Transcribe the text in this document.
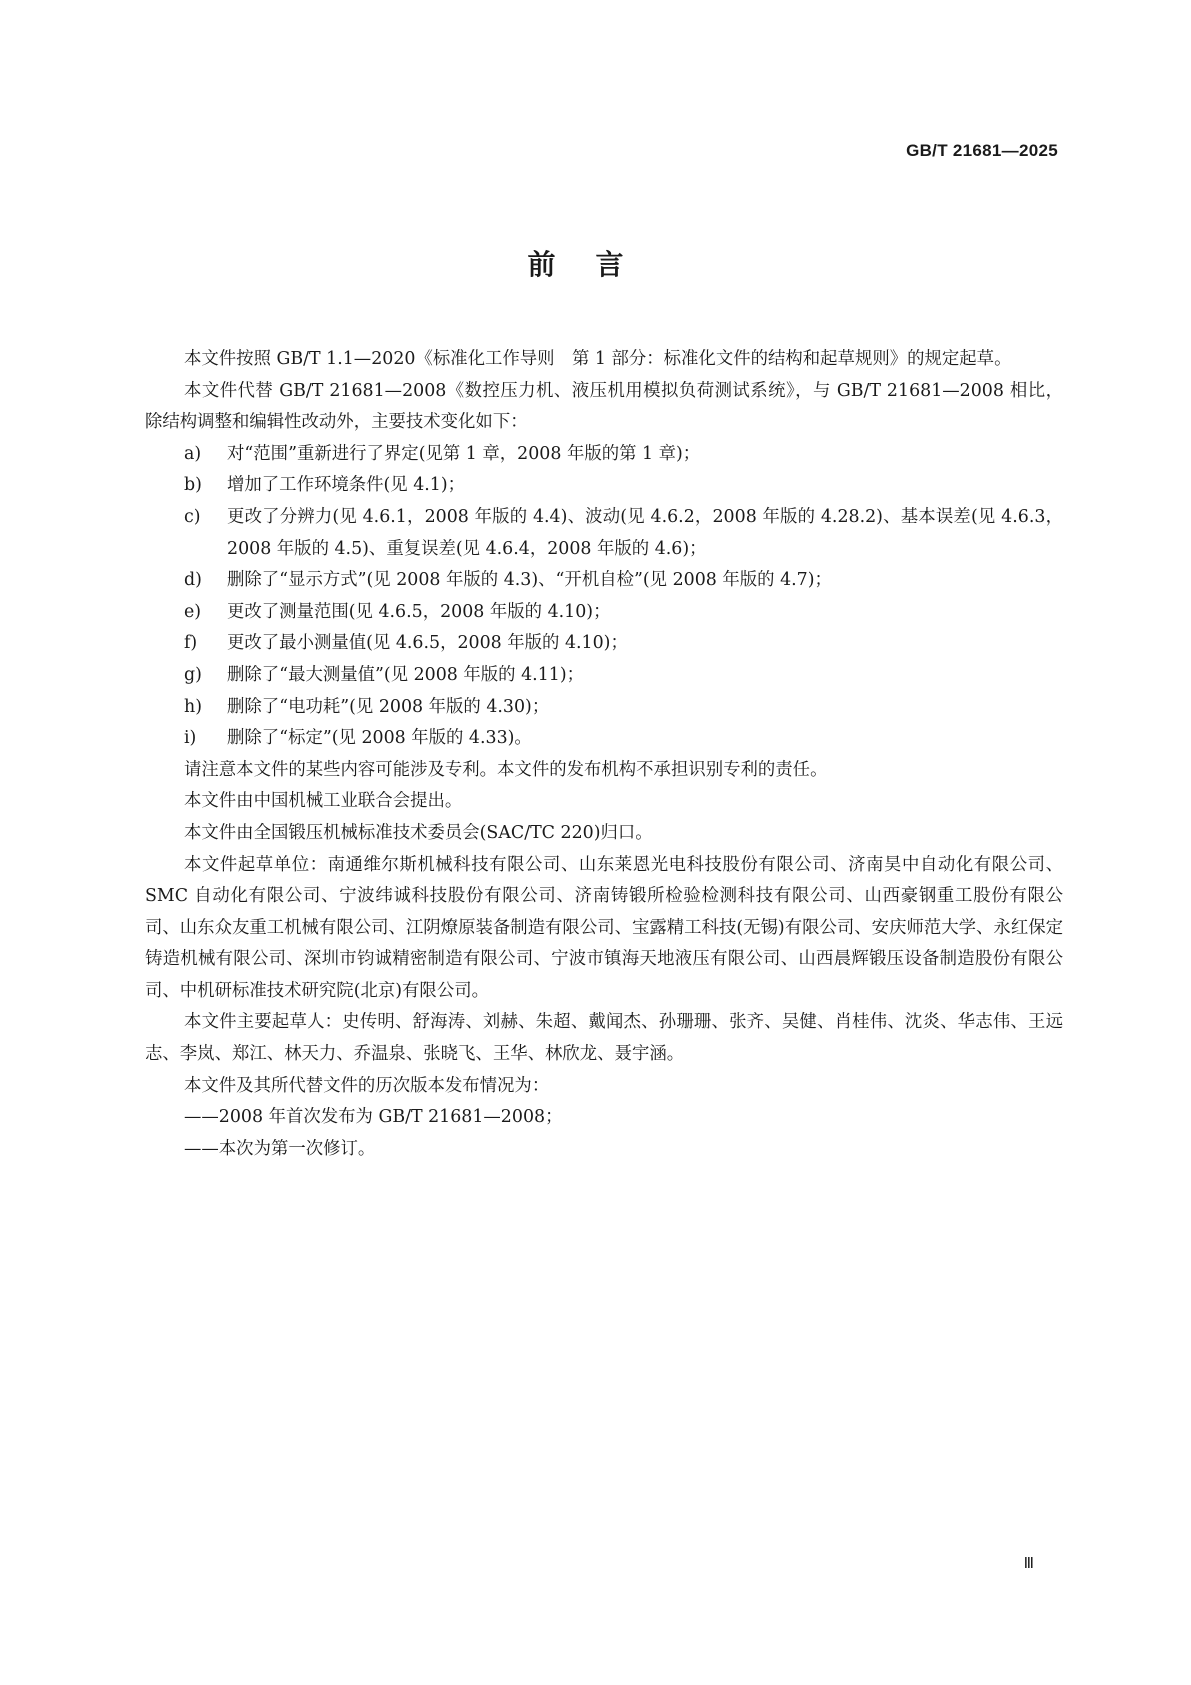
GB/T 21681—2025
前言

本文件按照 GB/T 1.1—2020《标准化工作导则　第 1 部分：标准化文件的结构和起草规则》的规定起草。

本文件代替 GB/T 21681—2008《数控压力机、液压机用模拟负荷测试系统》，与 GB/T 21681—2008 相比，除结构调整和编辑性改动外，主要技术变化如下：

a)	对“范围”重新进行了界定(见第 1 章，2008 年版的第 1 章)；
b)	增加了工作环境条件(见 4.1)；
c)	更改了分辨力(见 4.6.1，2008 年版的 4.4)、波动(见 4.6.2，2008 年版的 4.28.2)、基本误差(见 4.6.3，2008 年版的 4.5)、重复误差(见 4.6.4，2008 年版的 4.6)；
d)	删除了“显示方式”(见 2008 年版的 4.3)、“开机自检”(见 2008 年版的 4.7)；
e)	更改了测量范围(见 4.6.5，2008 年版的 4.10)；
f)	更改了最小测量值(见 4.6.5，2008 年版的 4.10)；
g)	删除了“最大测量值”(见 2008 年版的 4.11)；
h)	删除了“电功耗”(见 2008 年版的 4.30)；
i)	删除了“标定”(见 2008 年版的 4.33)。

请注意本文件的某些内容可能涉及专利。本文件的发布机构不承担识别专利的责任。

本文件由中国机械工业联合会提出。

本文件由全国锻压机械标准技术委员会(SAC/TC 220)归口。

本文件起草单位：南通维尔斯机械科技有限公司、山东莱恩光电科技股份有限公司、济南昊中自动化有限公司、SMC 自动化有限公司、宁波纬诚科技股份有限公司、济南铸锻所检验检测科技有限公司、山西豪钢重工股份有限公司、山东众友重工机械有限公司、江阴燎原装备制造有限公司、宝露精工科技(无锡)有限公司、安庆师范大学、永红保定铸造机械有限公司、深圳市钧诚精密制造有限公司、宁波市镇海天地液压有限公司、山西晨辉锻压设备制造股份有限公司、中机研标准技术研究院(北京)有限公司。

本文件主要起草人：史传明、舒海涛、刘赫、朱超、戴闻杰、孙珊珊、张齐、吴健、肖桂伟、沈炎、华志伟、王远志、李岚、郑江、林天力、乔温泉、张晓飞、王华、林欣龙、聂宇涵。

本文件及其所代替文件的历次版本发布情况为：

——2008 年首次发布为 GB/T 21681—2008；

——本次为第一次修订。

Ⅲ
